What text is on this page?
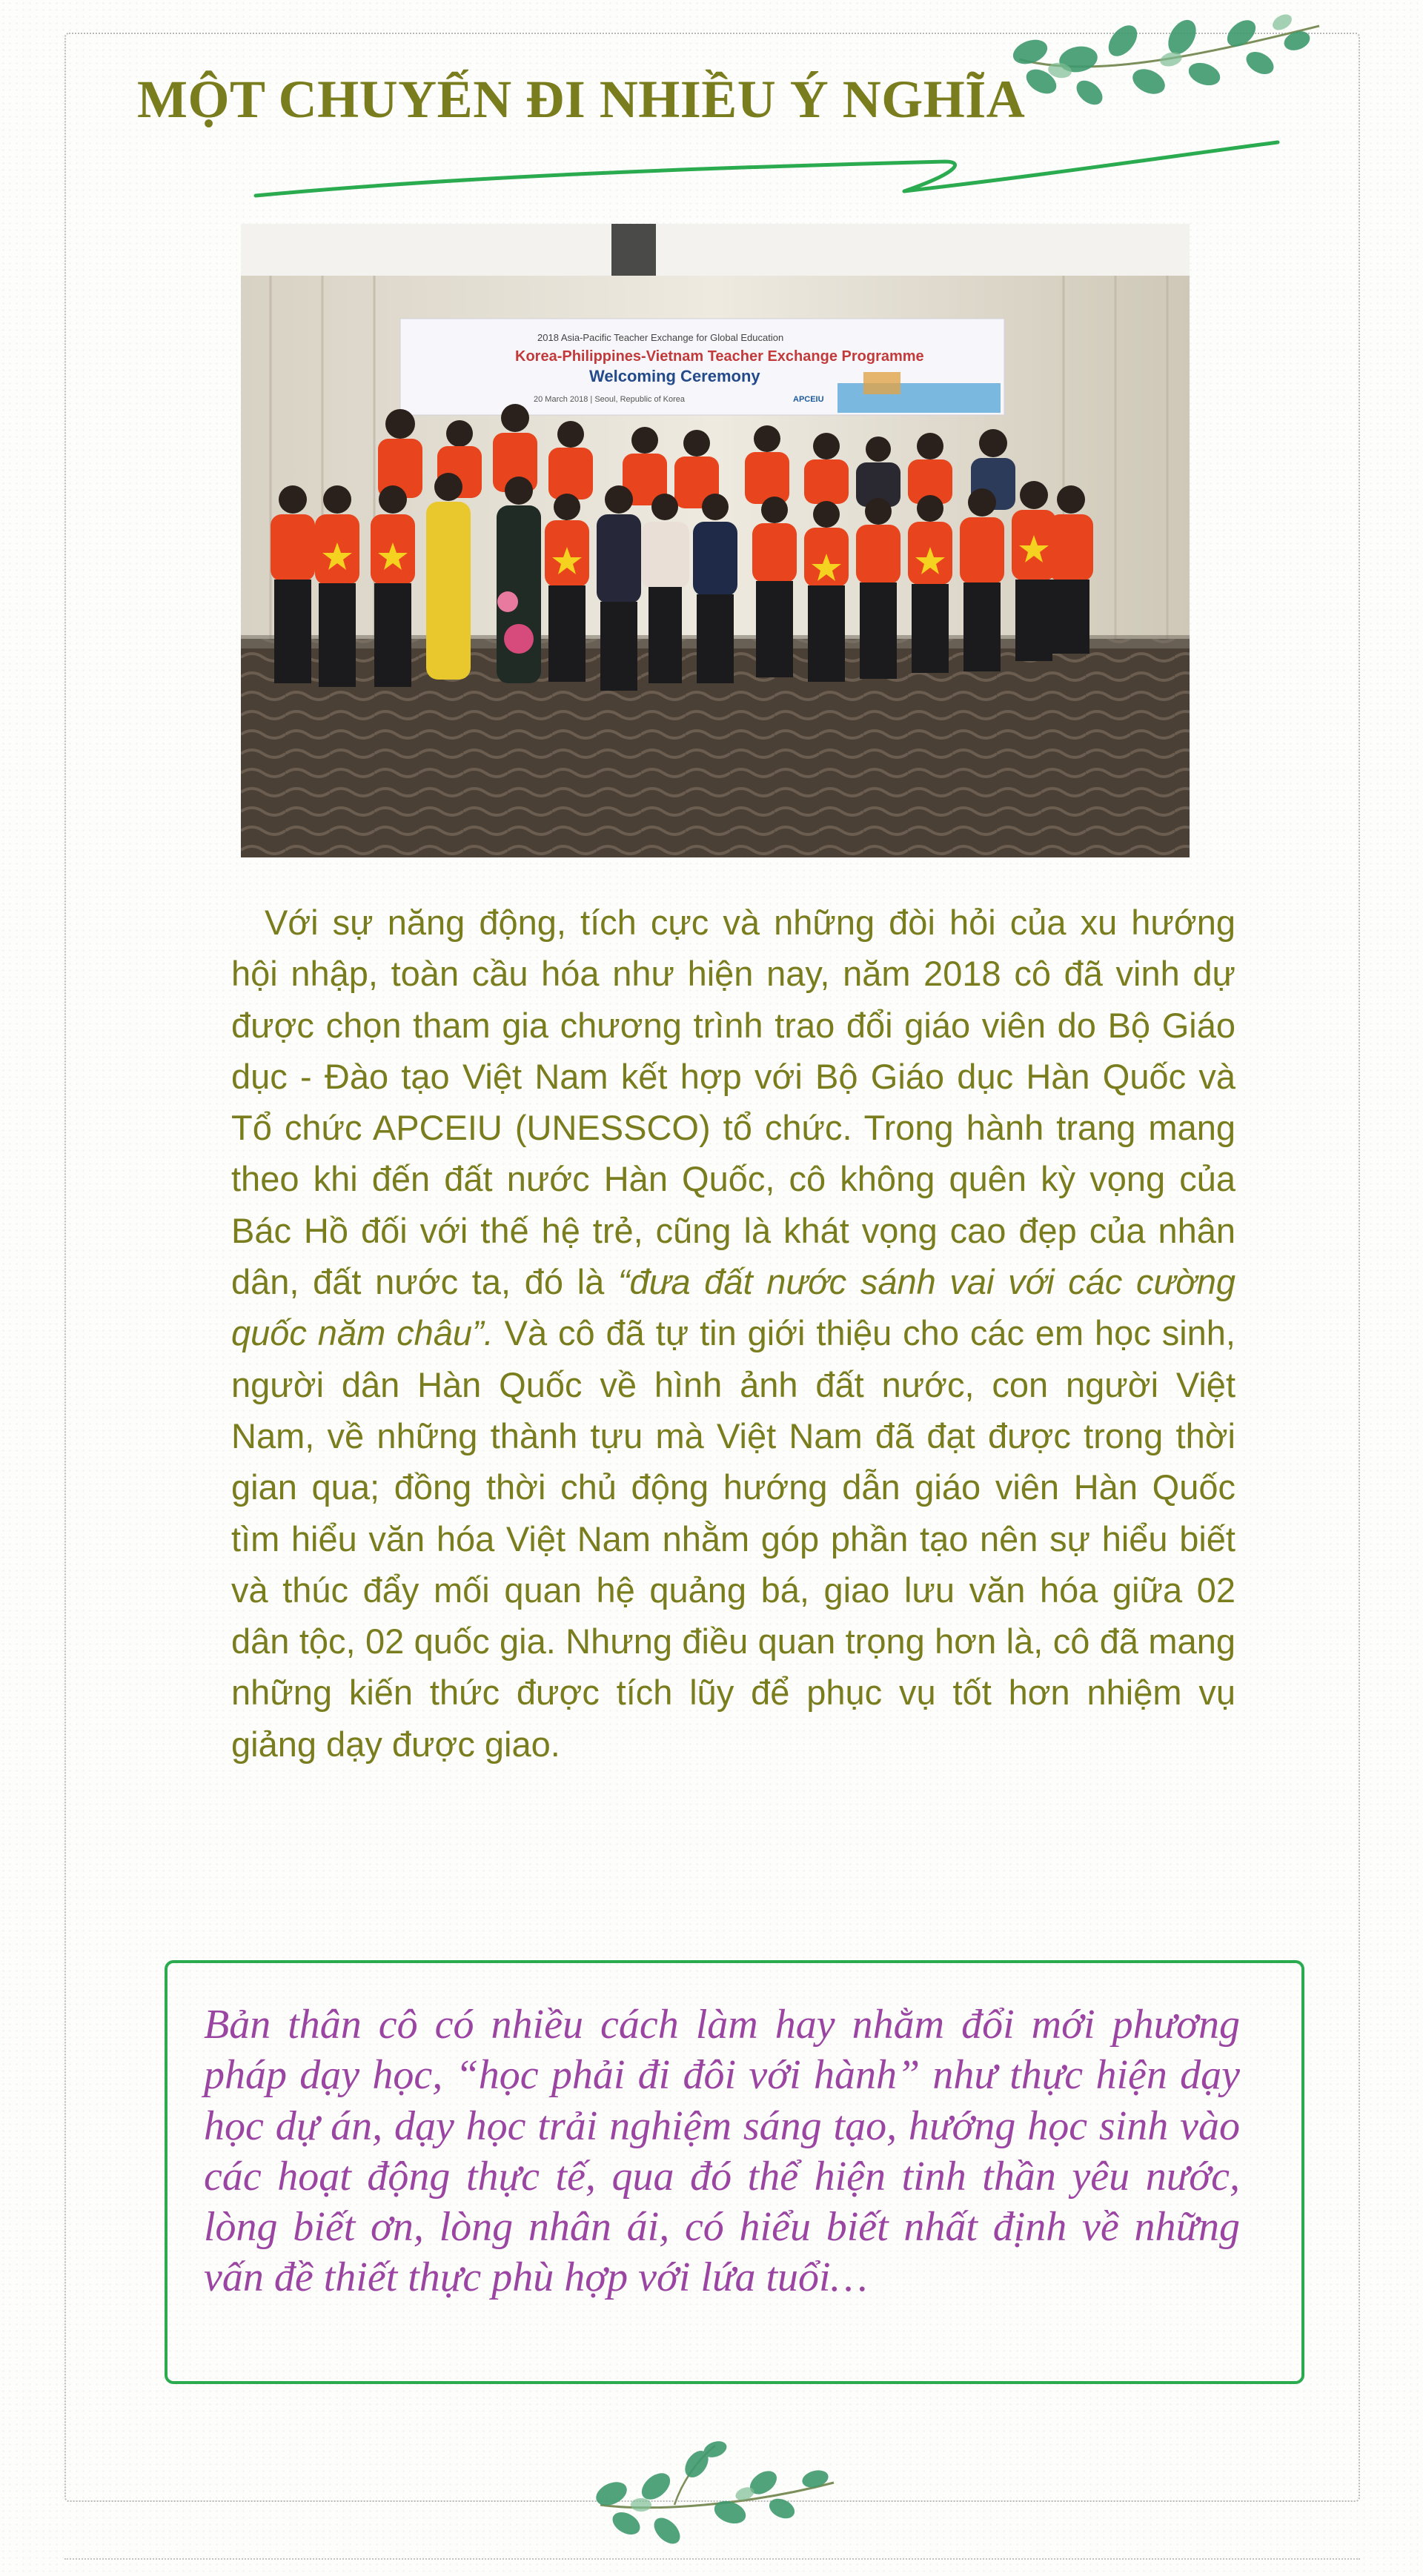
MỘT CHUYẾN ĐI NHIỀU Ý NGHĨA
2018 Asia-Pacific Teacher Exchange for Global Education
Korea-Philippines-Vietnam Teacher Exchange Programme
Welcoming Ceremony
20 March 2018 | Seoul, Republic of Korea	APCEIU

Với sự năng động, tích cực và những đòi hỏi của xu hướng hội nhập, toàn cầu hóa như hiện nay, năm 2018 cô đã vinh dự được chọn tham gia chương trình trao đổi giáo viên do Bộ Giáo dục - Đào tạo Việt Nam kết hợp với Bộ Giáo dục Hàn Quốc và Tổ chức APCEIU (UNESSCO) tổ chức. Trong hành trang mang theo khi đến đất nước Hàn Quốc, cô không quên kỳ vọng của Bác Hồ đối với thế hệ trẻ, cũng là khát vọng cao đẹp của nhân dân, đất nước ta, đó là “đưa đất nước sánh vai với các cường quốc năm châu”. Và cô đã tự tin giới thiệu cho các em học sinh, người dân Hàn Quốc về hình ảnh đất nước, con người Việt Nam, về những thành tựu mà Việt Nam đã đạt được trong thời gian qua; đồng thời chủ động hướng dẫn giáo viên Hàn Quốc tìm hiểu văn hóa Việt Nam nhằm góp phần tạo nên sự hiểu biết và thúc đẩy mối quan hệ quảng bá, giao lưu văn hóa giữa 02 dân tộc, 02 quốc gia. Nhưng điều quan trọng hơn là, cô đã mang những kiến thức được tích lũy để phục vụ tốt hơn nhiệm vụ giảng dạy được giao.

Bản thân cô có nhiều cách làm hay nhằm đổi mới phương pháp dạy học, “học phải đi đôi với hành” như thực hiện dạy học dự án, dạy học trải nghiệm sáng tạo, hướng học sinh vào các hoạt động thực tế, qua đó thể hiện tinh thần yêu nước, lòng biết ơn, lòng nhân ái, có hiểu biết nhất định về những vấn đề thiết thực phù hợp với lứa tuổi…
